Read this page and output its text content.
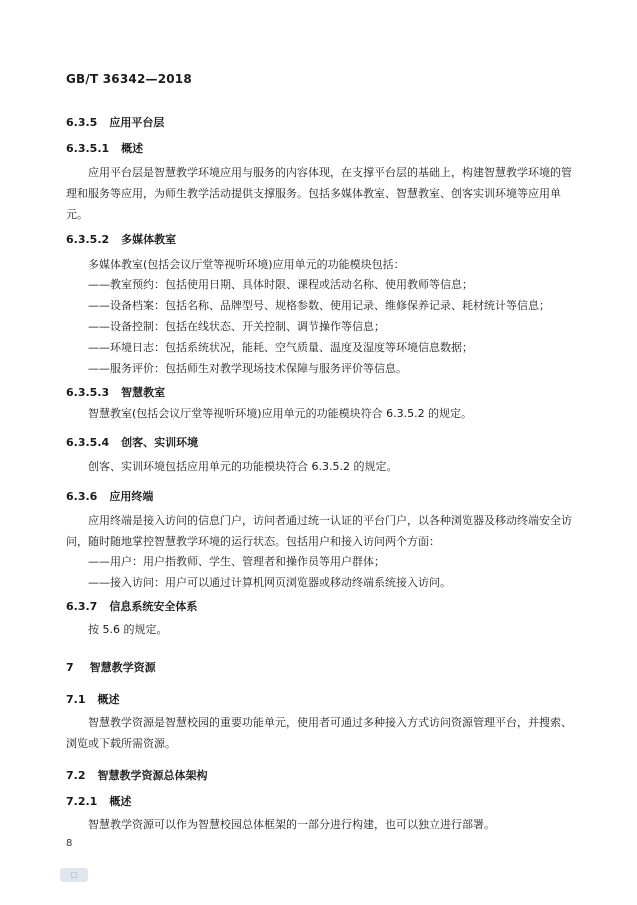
GB/T 36342—2018
6.3.5 应用平台层
6.3.5.1 概述
应用平台层是智慧教学环境应用与服务的内容体现，在支撑平台层的基础上，构建智慧教学环境的管理和服务等应用，为师生教学活动提供支撑服务。包括多媒体教室、智慧教室、创客实训环境等应用单元。
6.3.5.2 多媒体教室
多媒体教室(包括会议厅堂等视听环境)应用单元的功能模块包括：
——教室预约：包括使用日期、具体时限、课程或活动名称、使用教师等信息；
——设备档案：包括名称、品牌型号、规格参数、使用记录、维修保养记录、耗材统计等信息；
——设备控制：包括在线状态、开关控制、调节操作等信息；
——环境日志：包括系统状况，能耗、空气质量、温度及湿度等环境信息数据；
——服务评价：包括师生对教学现场技术保障与服务评价等信息。
6.3.5.3 智慧教室
智慧教室(包括会议厅堂等视听环境)应用单元的功能模块符合 6.3.5.2 的规定。
6.3.5.4 创客、实训环境
创客、实训环境包括应用单元的功能模块符合 6.3.5.2 的规定。
6.3.6 应用终端
应用终端是接入访问的信息门户，访问者通过统一认证的平台门户，以各种浏览器及移动终端安全访问，随时随地掌控智慧教学环境的运行状态。包括用户和接入访问两个方面：
——用户：用户指教师、学生、管理者和操作员等用户群体；
——接入访问：用户可以通过计算机网页浏览器或移动终端系统接入访问。
6.3.7 信息系统安全体系
按 5.6 的规定。
7 智慧教学资源
7.1 概述
智慧教学资源是智慧校园的重要功能单元，使用者可通过多种接入方式访问资源管理平台，并搜索、浏览或下载所需资源。
7.2 智慧教学资源总体架构
7.2.1 概述
智慧教学资源可以作为智慧校园总体框架的一部分进行构建，也可以独立进行部署。
8
▢
